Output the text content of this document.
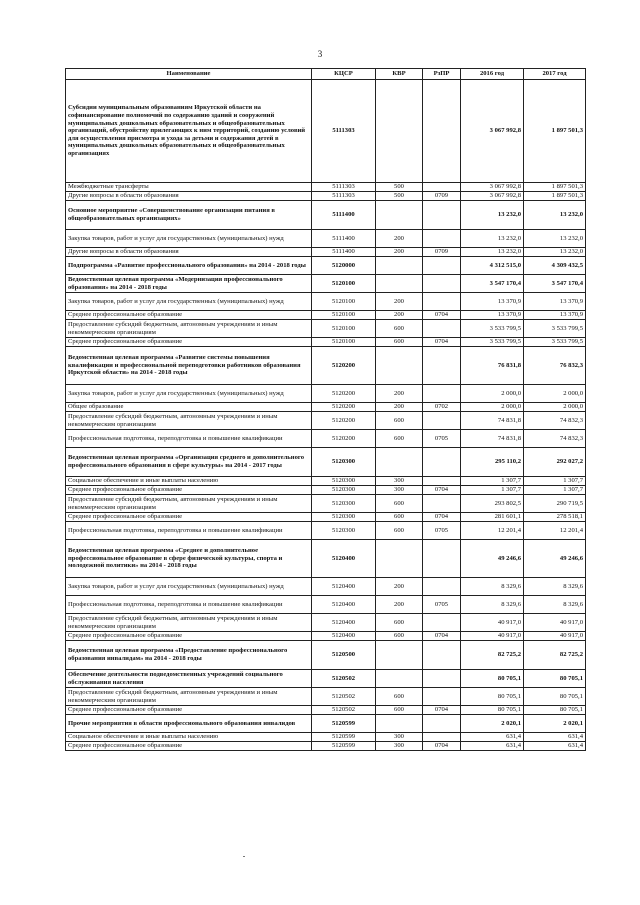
3
Наименование	КЦСР	КВР	РзПР	2016 год	2017 год
Субсидии муниципальным образованиям Иркутской области на софинансирование полномочий по содержанию зданий и сооружений муниципальных дошкольных образовательных и общеобразовательных организаций, обустройству прилегающих к ним территорий, созданию условий для осуществления присмотра и ухода за детьми и содержания детей в муниципальных дошкольных образовательных и общеобразовательных организациях	5111303			3 067 992,8	1 897 501,3
Межбюджетные трансферты	5111303	500		3 067 992,8	1 897 501,3
Другие вопросы в области образования	5111303	500	0709	3 067 992,8	1 897 501,3
Основное мероприятие «Совершенствование организации питания в общеобразовательных организациях»	5111400			13 232,0	13 232,0
Закупка товаров, работ и услуг для государственных (муниципальных) нужд	5111400	200		13 232,0	13 232,0
Другие вопросы в области образования	5111400	200	0709	13 232,0	13 232,0
Подпрограмма «Развитие профессионального образования» на 2014 - 2018 годы	5120000			4 312 515,0	4 309 432,5
Ведомственная целевая программа «Модернизация профессионального образования» на 2014 - 2018 годы	5120100			3 547 170,4	3 547 170,4
Закупка товаров, работ и услуг для государственных (муниципальных) нужд	5120100	200		13 370,9	13 370,9
Среднее профессиональное образование	5120100	200	0704	13 370,9	13 370,9
Предоставление субсидий бюджетным, автономным учреждениям и иным некоммерческим организациям	5120100	600		3 533 799,5	3 533 799,5
Среднее профессиональное образование	5120100	600	0704	3 533 799,5	3 533 799,5
Ведомственная целевая программа «Развитие системы повышения квалификации и профессиональной переподготовки работников образования Иркутской области» на 2014 - 2018 годы	5120200			76 831,8	76 832,3
Закупка товаров, работ и услуг для государственных (муниципальных) нужд	5120200	200		2 000,0	2 000,0
Общее образование	5120200	200	0702	2 000,0	2 000,0
Предоставление субсидий бюджетным, автономным учреждениям и иным некоммерческим организациям	5120200	600		74 831,8	74 832,3
Профессиональная подготовка, переподготовка и повышение квалификации	5120200	600	0705	74 831,8	74 832,3
Ведомственная целевая программа «Организация среднего и дополнительного профессионального образования в сфере культуры» на 2014 - 2017 годы	5120300			295 110,2	292 027,2
Социальное обеспечение и иные выплаты населению	5120300	300		1 307,7	1 307,7
Среднее профессиональное образование	5120300	300	0704	1 307,7	1 307,7
Предоставление субсидий бюджетным, автономным учреждениям и иным некоммерческим организациям	5120300	600		293 802,5	290 719,5
Среднее профессиональное образование	5120300	600	0704	281 601,1	278 518,1
Профессиональная подготовка, переподготовка и повышение квалификации	5120300	600	0705	12 201,4	12 201,4
Ведомственная целевая программа «Среднее и дополнительное профессиональное образование в сфере физической культуры, спорта и молодежной политики» на 2014 - 2018 годы	5120400			49 246,6	49 246,6
Закупка товаров, работ и услуг для государственных (муниципальных) нужд	5120400	200		8 329,6	8 329,6
Профессиональная подготовка, переподготовка и повышение квалификации	5120400	200	0705	8 329,6	8 329,6
Предоставление субсидий бюджетным, автономным учреждениям и иным некоммерческим организациям	5120400	600		40 917,0	40 917,0
Среднее профессиональное образование	5120400	600	0704	40 917,0	40 917,0
Ведомственная целевая программа «Предоставление профессионального образования инвалидам» на 2014 - 2018 годы	5120500			82 725,2	82 725,2
Обеспечение деятельности подведомственных учреждений социального обслуживания населения	5120502			80 705,1	80 705,1
Предоставление субсидий бюджетным, автономным учреждениям и иным некоммерческим организациям	5120502	600		80 705,1	80 705,1
Среднее профессиональное образование	5120502	600	0704	80 705,1	80 705,1
Прочие мероприятия в области профессионального образования инвалидов	5120599			2 020,1	2 020,1
Социальное обеспечение и иные выплаты населению	5120599	300		631,4	631,4
Среднее профессиональное образование	5120599	300	0704	631,4	631,4
